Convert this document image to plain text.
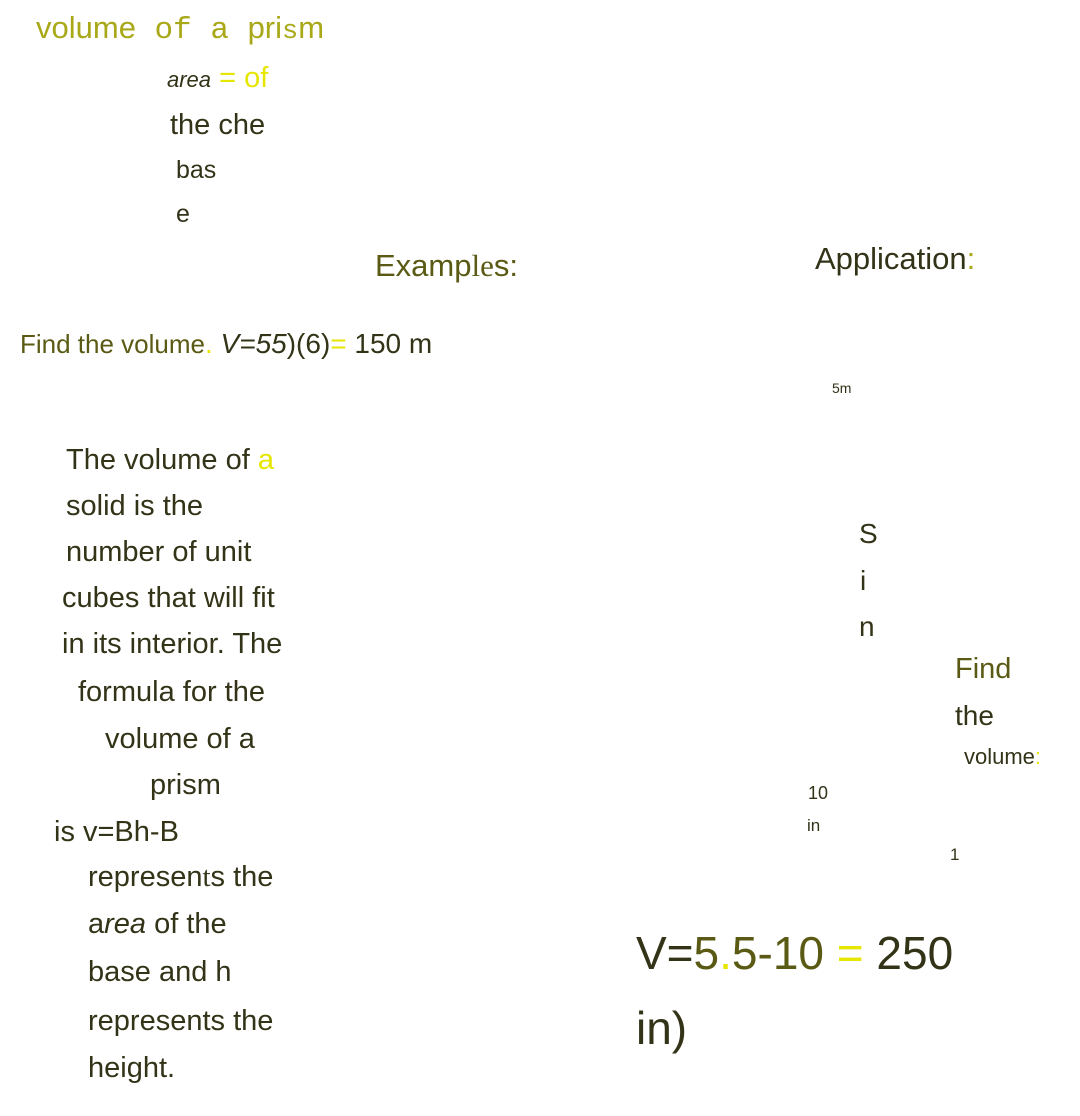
volume of a prism
area = of
the che
bas
e
Examples:	Application:
Find the volume. V=55)(6)= 150 m
The volume of a
solid is the
number of unit
cubes that will fit
in its interior. The
formula for the
volume of a
prism
is v=Bh-B
represents the
area of the
base and h
represents the
height.
5m
S
i
n
Find
the
volume:
10
in
1
V=5.5-10 = 250
in)
